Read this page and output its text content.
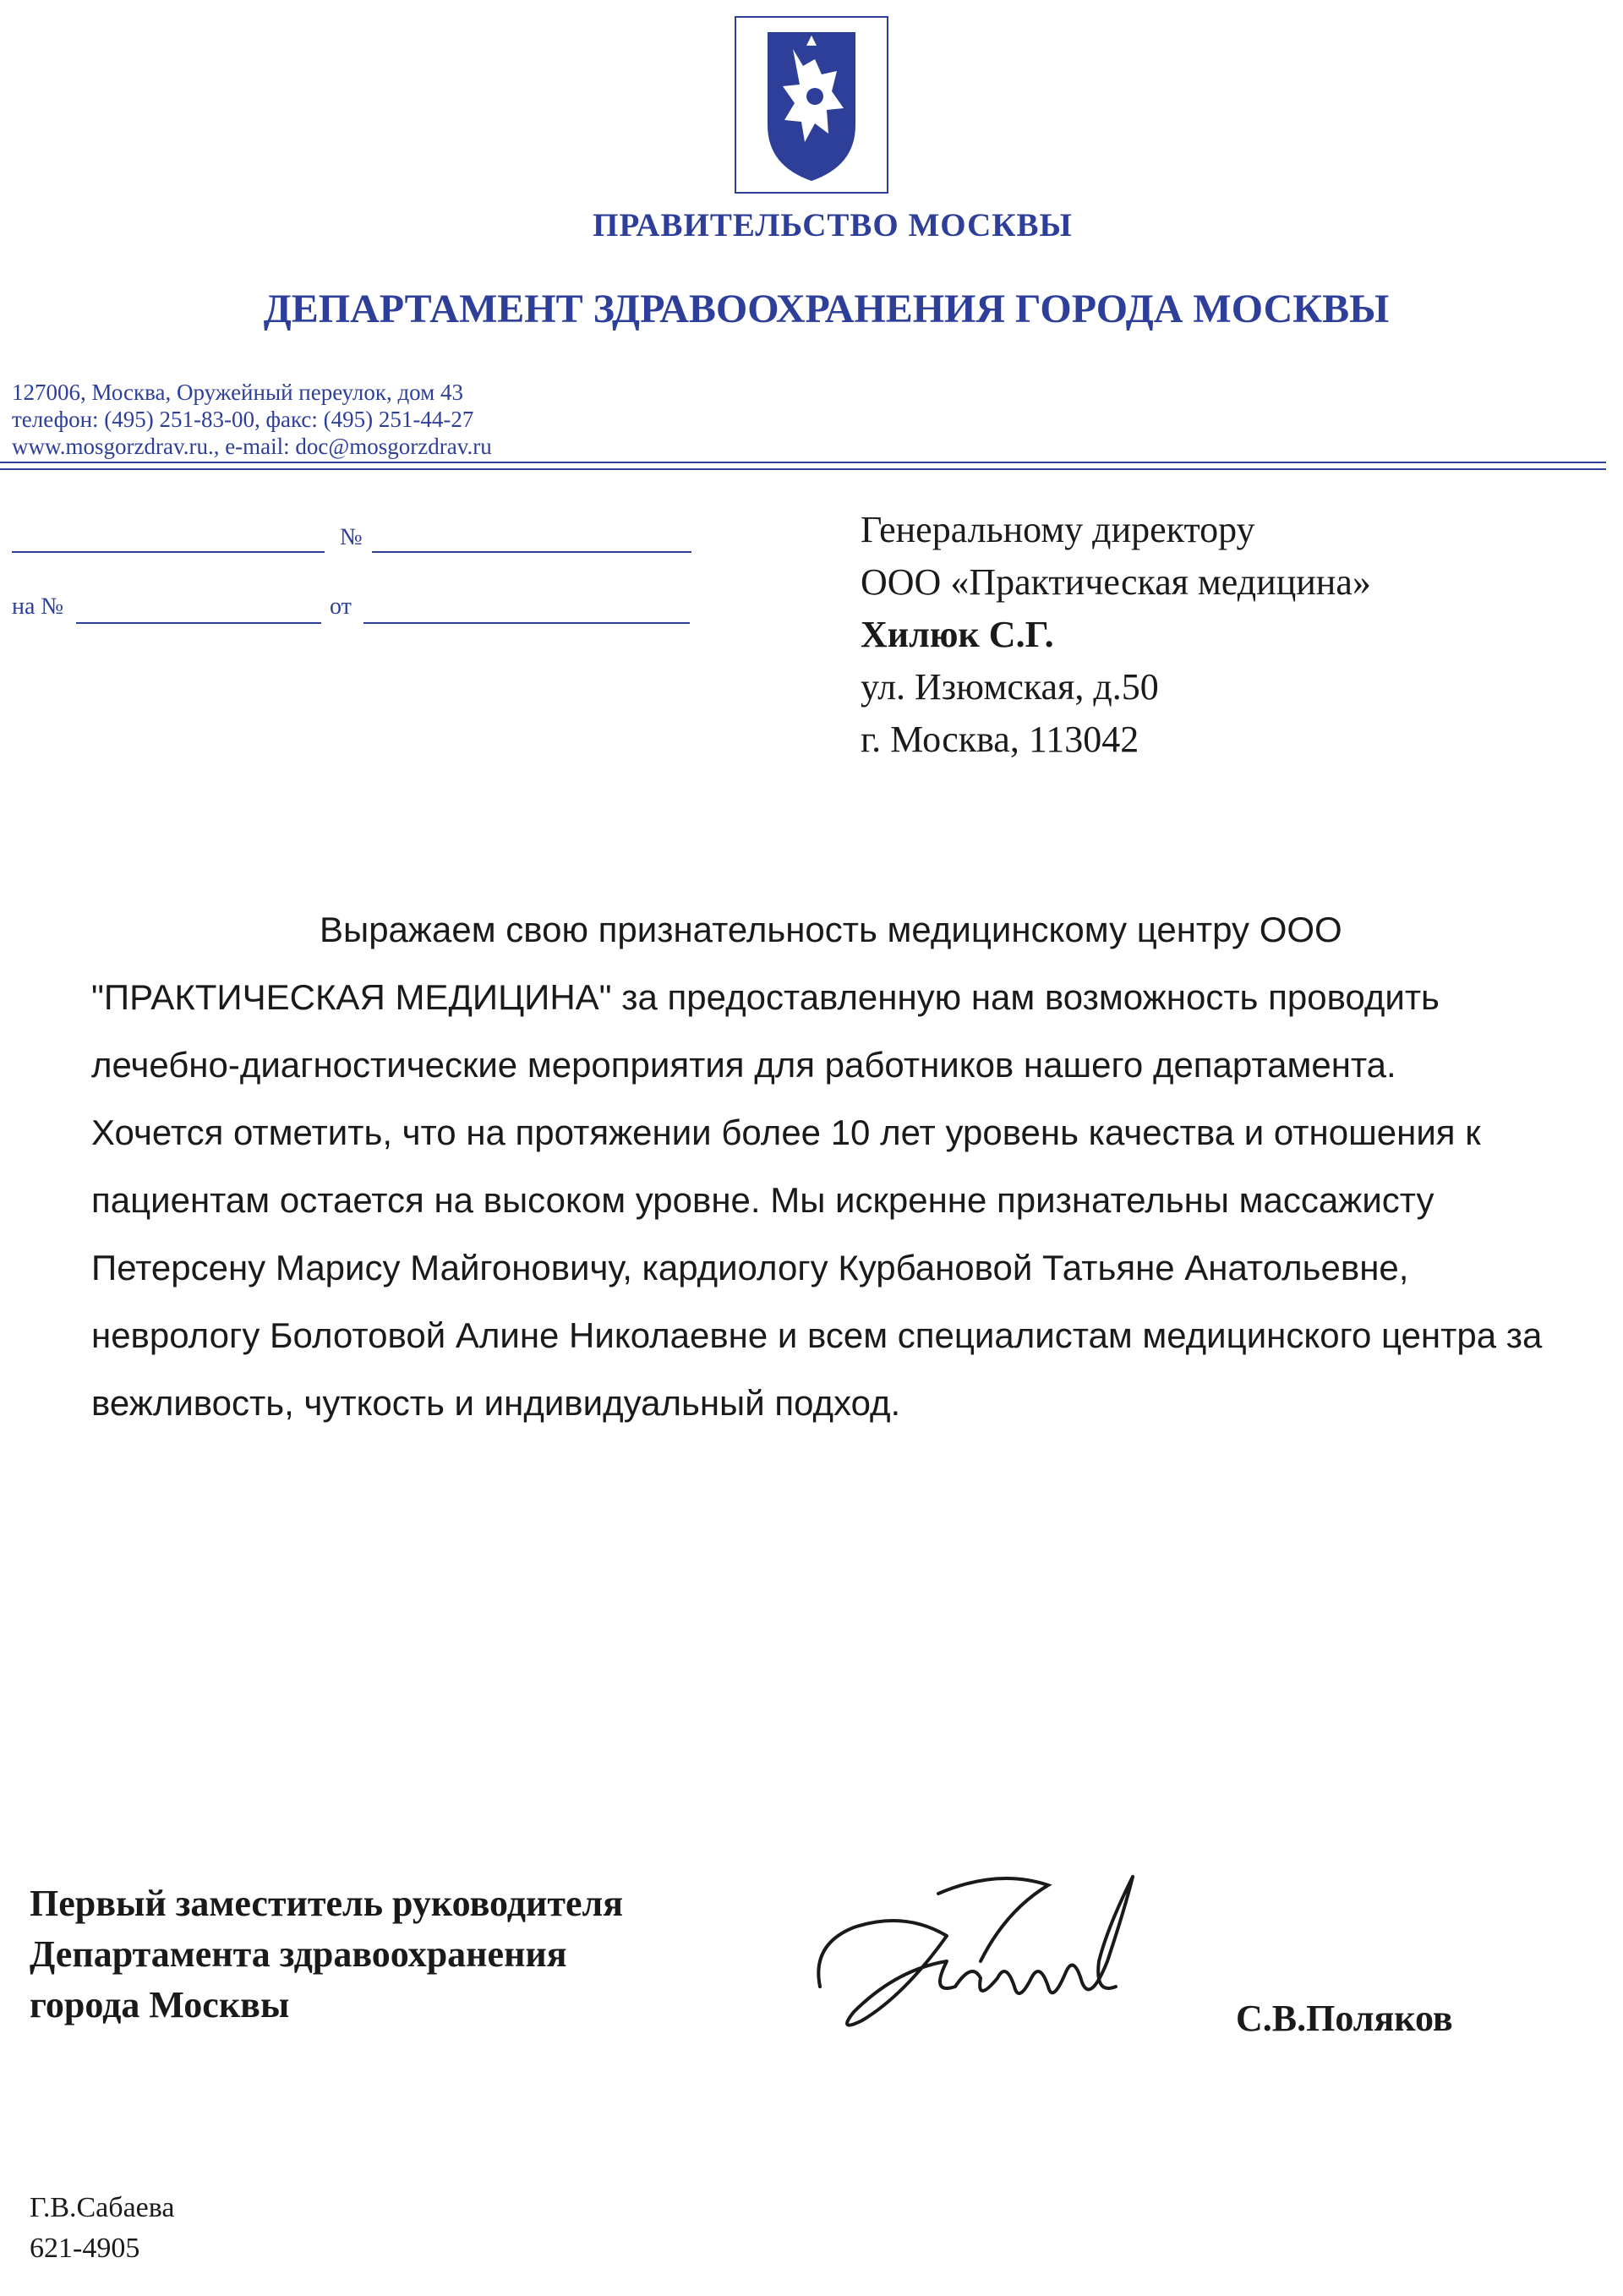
ПРАВИТЕЛЬСТВО МОСКВЫ
ДЕПАРТАМЕНТ ЗДРАВООХРАНЕНИЯ ГОРОДА МОСКВЫ
127006, Москва, Оружейный переулок, дом 43
телефон: (495) 251-83-00, факс: (495) 251-44-27
www.mosgorzdrav.ru., e-mail: doc@mosgorzdrav.ru
№
на №	от
Генеральному директору
ООО «Практическая медицина»
Хилюк С.Г.
ул. Изюмская, д.50
г. Москва, 113042

Выражаем свою признательность медицинскому центру ООО "ПРАКТИЧЕСКАЯ МЕДИЦИНА" за предоставленную нам возможность проводить лечебно-диагностические мероприятия для работников нашего департамента.

Хочется отметить, что на протяжении более 10 лет уровень качества и отношения к пациентам остается на высоком уровне. Мы искренне признательны массажисту Петерсену Марису Майгоновичу, кардиологу Курбановой Татьяне Анатольевне, неврологу Болотовой Алине Николаевне и всем специалистам медицинского центра за вежливость, чуткость и индивидуальный подход.

Первый заместитель руководителя
Департамента здравоохранения
города Москвы	С.В.Поляков
Г.В.Сабаева
621-4905
